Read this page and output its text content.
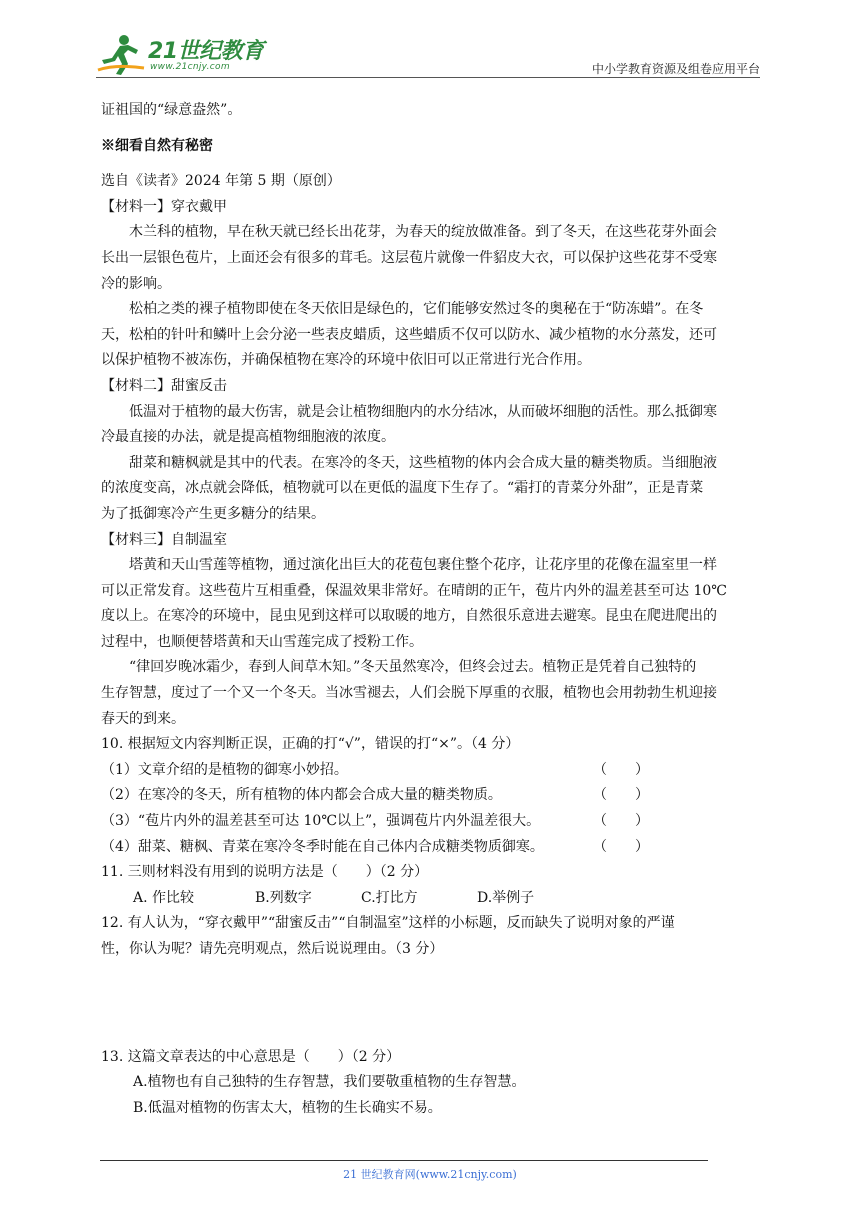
21世纪教育
www.21cnjy.com	中小学教育资源及组卷应用平台

证祖国的“绿意盎然”。

※细看自然有秘密

选自《读者》2024 年第 5 期（原创）

【材料一】穿衣戴甲

木兰科的植物，早在秋天就已经长出花芽，为春天的绽放做准备。到了冬天，在这些花芽外面会

长出一层银色苞片，上面还会有很多的茸毛。这层苞片就像一件貂皮大衣，可以保护这些花芽不受寒

冷的影响。

松柏之类的裸子植物即使在冬天依旧是绿色的，它们能够安然过冬的奥秘在于“防冻蜡”。在冬

天，松柏的针叶和鳞叶上会分泌一些表皮蜡质，这些蜡质不仅可以防水、减少植物的水分蒸发，还可

以保护植物不被冻伤，并确保植物在寒冷的环境中依旧可以正常进行光合作用。

【材料二】甜蜜反击

低温对于植物的最大伤害，就是会让植物细胞内的水分结冰，从而破坏细胞的活性。那么抵御寒

冷最直接的办法，就是提高植物细胞液的浓度。

甜菜和糖枫就是其中的代表。在寒冷的冬天，这些植物的体内会合成大量的糖类物质。当细胞液

的浓度变高，冰点就会降低，植物就可以在更低的温度下生存了。“霜打的青菜分外甜”，正是青菜

为了抵御寒冷产生更多糖分的结果。

【材料三】自制温室

塔黄和天山雪莲等植物，通过演化出巨大的花苞包裹住整个花序，让花序里的花像在温室里一样

可以正常发育。这些苞片互相重叠，保温效果非常好。在晴朗的正午，苞片内外的温差甚至可达 10℃

度以上。在寒冷的环境中，昆虫见到这样可以取暖的地方，自然很乐意进去避寒。昆虫在爬进爬出的

过程中，也顺便替塔黄和天山雪莲完成了授粉工作。

“律回岁晚冰霜少，春到人间草木知。”冬天虽然寒冷，但终会过去。植物正是凭着自己独特的

生存智慧，度过了一个又一个冬天。当冰雪褪去，人们会脱下厚重的衣服，植物也会用勃勃生机迎接

春天的到来。

10. 根据短文内容判断正误，正确的打“√”，错误的打“×”。（4 分）

（1）文章介绍的是植物的御寒小妙招。	（　　）

（2）在寒冷的冬天，所有植物的体内都会合成大量的糖类物质。	（　　）

（3）“苞片内外的温差甚至可达 10℃以上”，强调苞片内外温差很大。	（　　）

（4）甜菜、糖枫、青菜在寒冷冬季时能在自己体内合成糖类物质御寒。	（　　）

11. 三则材料没有用到的说明方法是（　　）（2 分）

A. 作比较	B.列数字	C.打比方	D.举例子

12. 有人认为，“穿衣戴甲”“甜蜜反击”“自制温室”这样的小标题，反而缺失了说明对象的严谨

性，你认为呢？请先亮明观点，然后说说理由。（3 分）

13. 这篇文章表达的中心意思是（　　）（2 分）

A.植物也有自己独特的生存智慧，我们要敬重植物的生存智慧。

B.低温对植物的伤害太大，植物的生长确实不易。

21 世纪教育网(www.21cnjy.com)
